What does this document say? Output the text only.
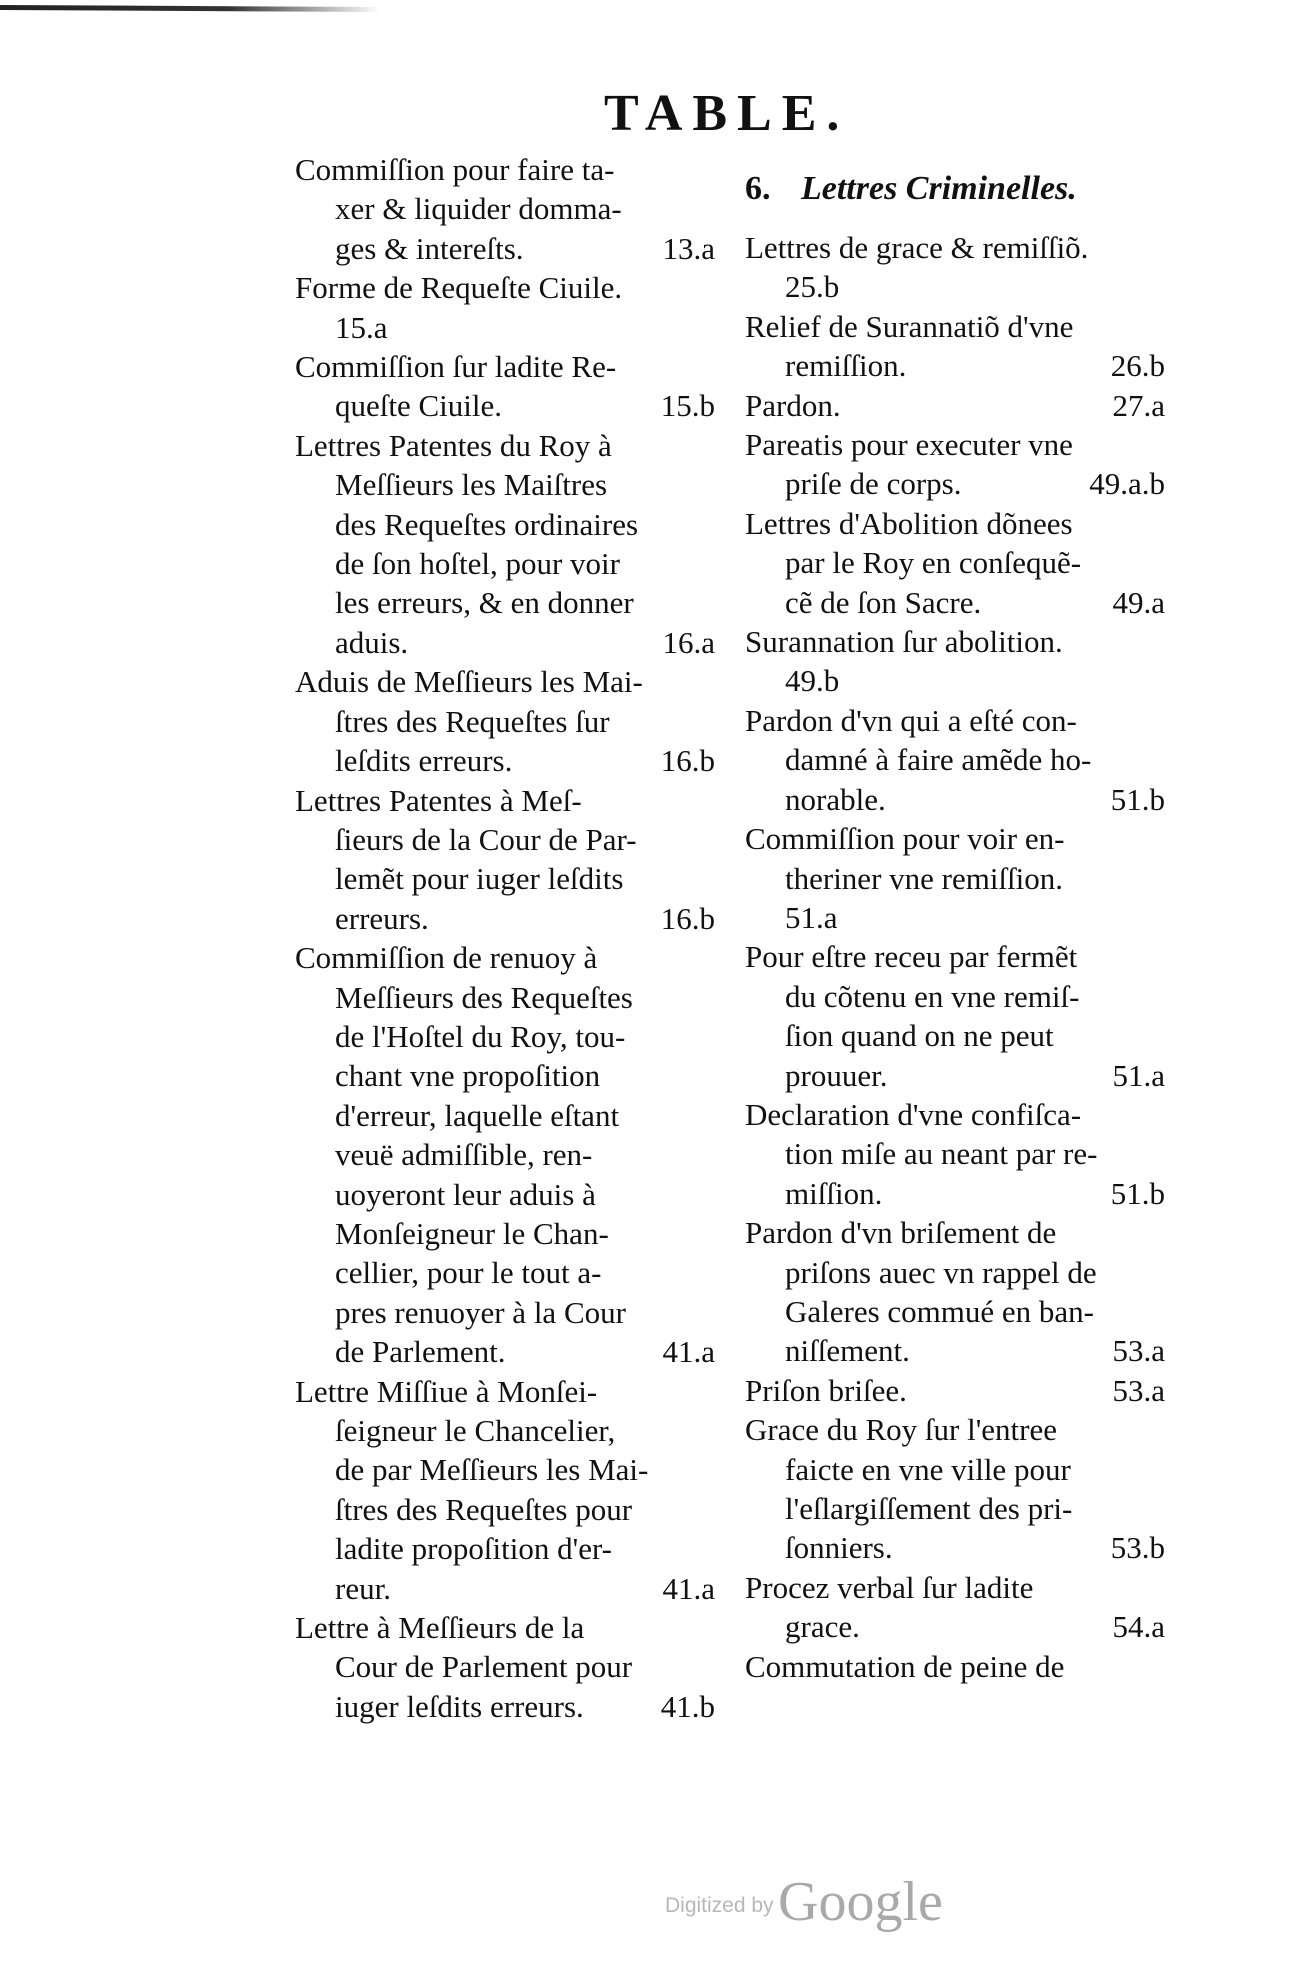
TABLE.
Commiſſion pour faire ta-
xer & liquider domma-
ges & intereſts.	13.a
Forme de Requeſte Ciuile.
15.a
Commiſſion ſur ladite Re-
queſte Ciuile.	15.b
Lettres Patentes du Roy à
Meſſieurs les Maiſtres
des Requeſtes ordinaires
de ſon hoſtel, pour voir
les erreurs, & en donner
aduis.	16.a
Aduis de Meſſieurs les Mai-
ſtres des Requeſtes ſur
leſdits erreurs.	16.b
Lettres Patentes à Meſ-
ſieurs de la Cour de Par-
lemẽt pour iuger leſdits
erreurs.	16.b
Commiſſion de renuoy à
Meſſieurs des Requeſtes
de l'Hoſtel du Roy, tou-
chant vne propoſition
d'erreur, laquelle eſtant
veuë admiſſible, ren-
uoyeront leur aduis à
Monſeigneur le Chan-
cellier, pour le tout a-
pres renuoyer à la Cour
de Parlement.	41.a
Lettre Miſſiue à Monſei-
ſeigneur le Chancelier,
de par Meſſieurs les Mai-
ſtres des Requeſtes pour
ladite propoſition d'er-
reur.	41.a
Lettre à Meſſieurs de la
Cour de Parlement pour
iuger leſdits erreurs.	41.b
6. Lettres Criminelles.
Lettres de grace & remiſſiõ.
25.b
Relief de Surannatiõ d'vne
remiſſion.	26.b
Pardon.	27.a
Pareatis pour executer vne
priſe de corps.	49.a.b
Lettres d'Abolition dõnees
par le Roy en conſequẽ-
cẽ de ſon Sacre.	49.a
Surannation ſur abolition.
49.b
Pardon d'vn qui a eſté con-
damné à faire amẽde ho-
norable.	51.b
Commiſſion pour voir en-
theriner vne remiſſion.
51.a
Pour eſtre receu par fermẽt
du cõtenu en vne remiſ-
ſion quand on ne peut
prouuer.	51.a
Declaration d'vne confiſca-
tion miſe au neant par re-
miſſion.	51.b
Pardon d'vn briſement de
priſons auec vn rappel de
Galeres commué en ban-
niſſement.	53.a
Priſon briſee.	53.a
Grace du Roy ſur l'entree
faicte en vne ville pour
l'eſlargiſſement des pri-
ſonniers.	53.b
Procez verbal ſur ladite
grace.	54.a
Commutation de peine de
Digitized by Google
